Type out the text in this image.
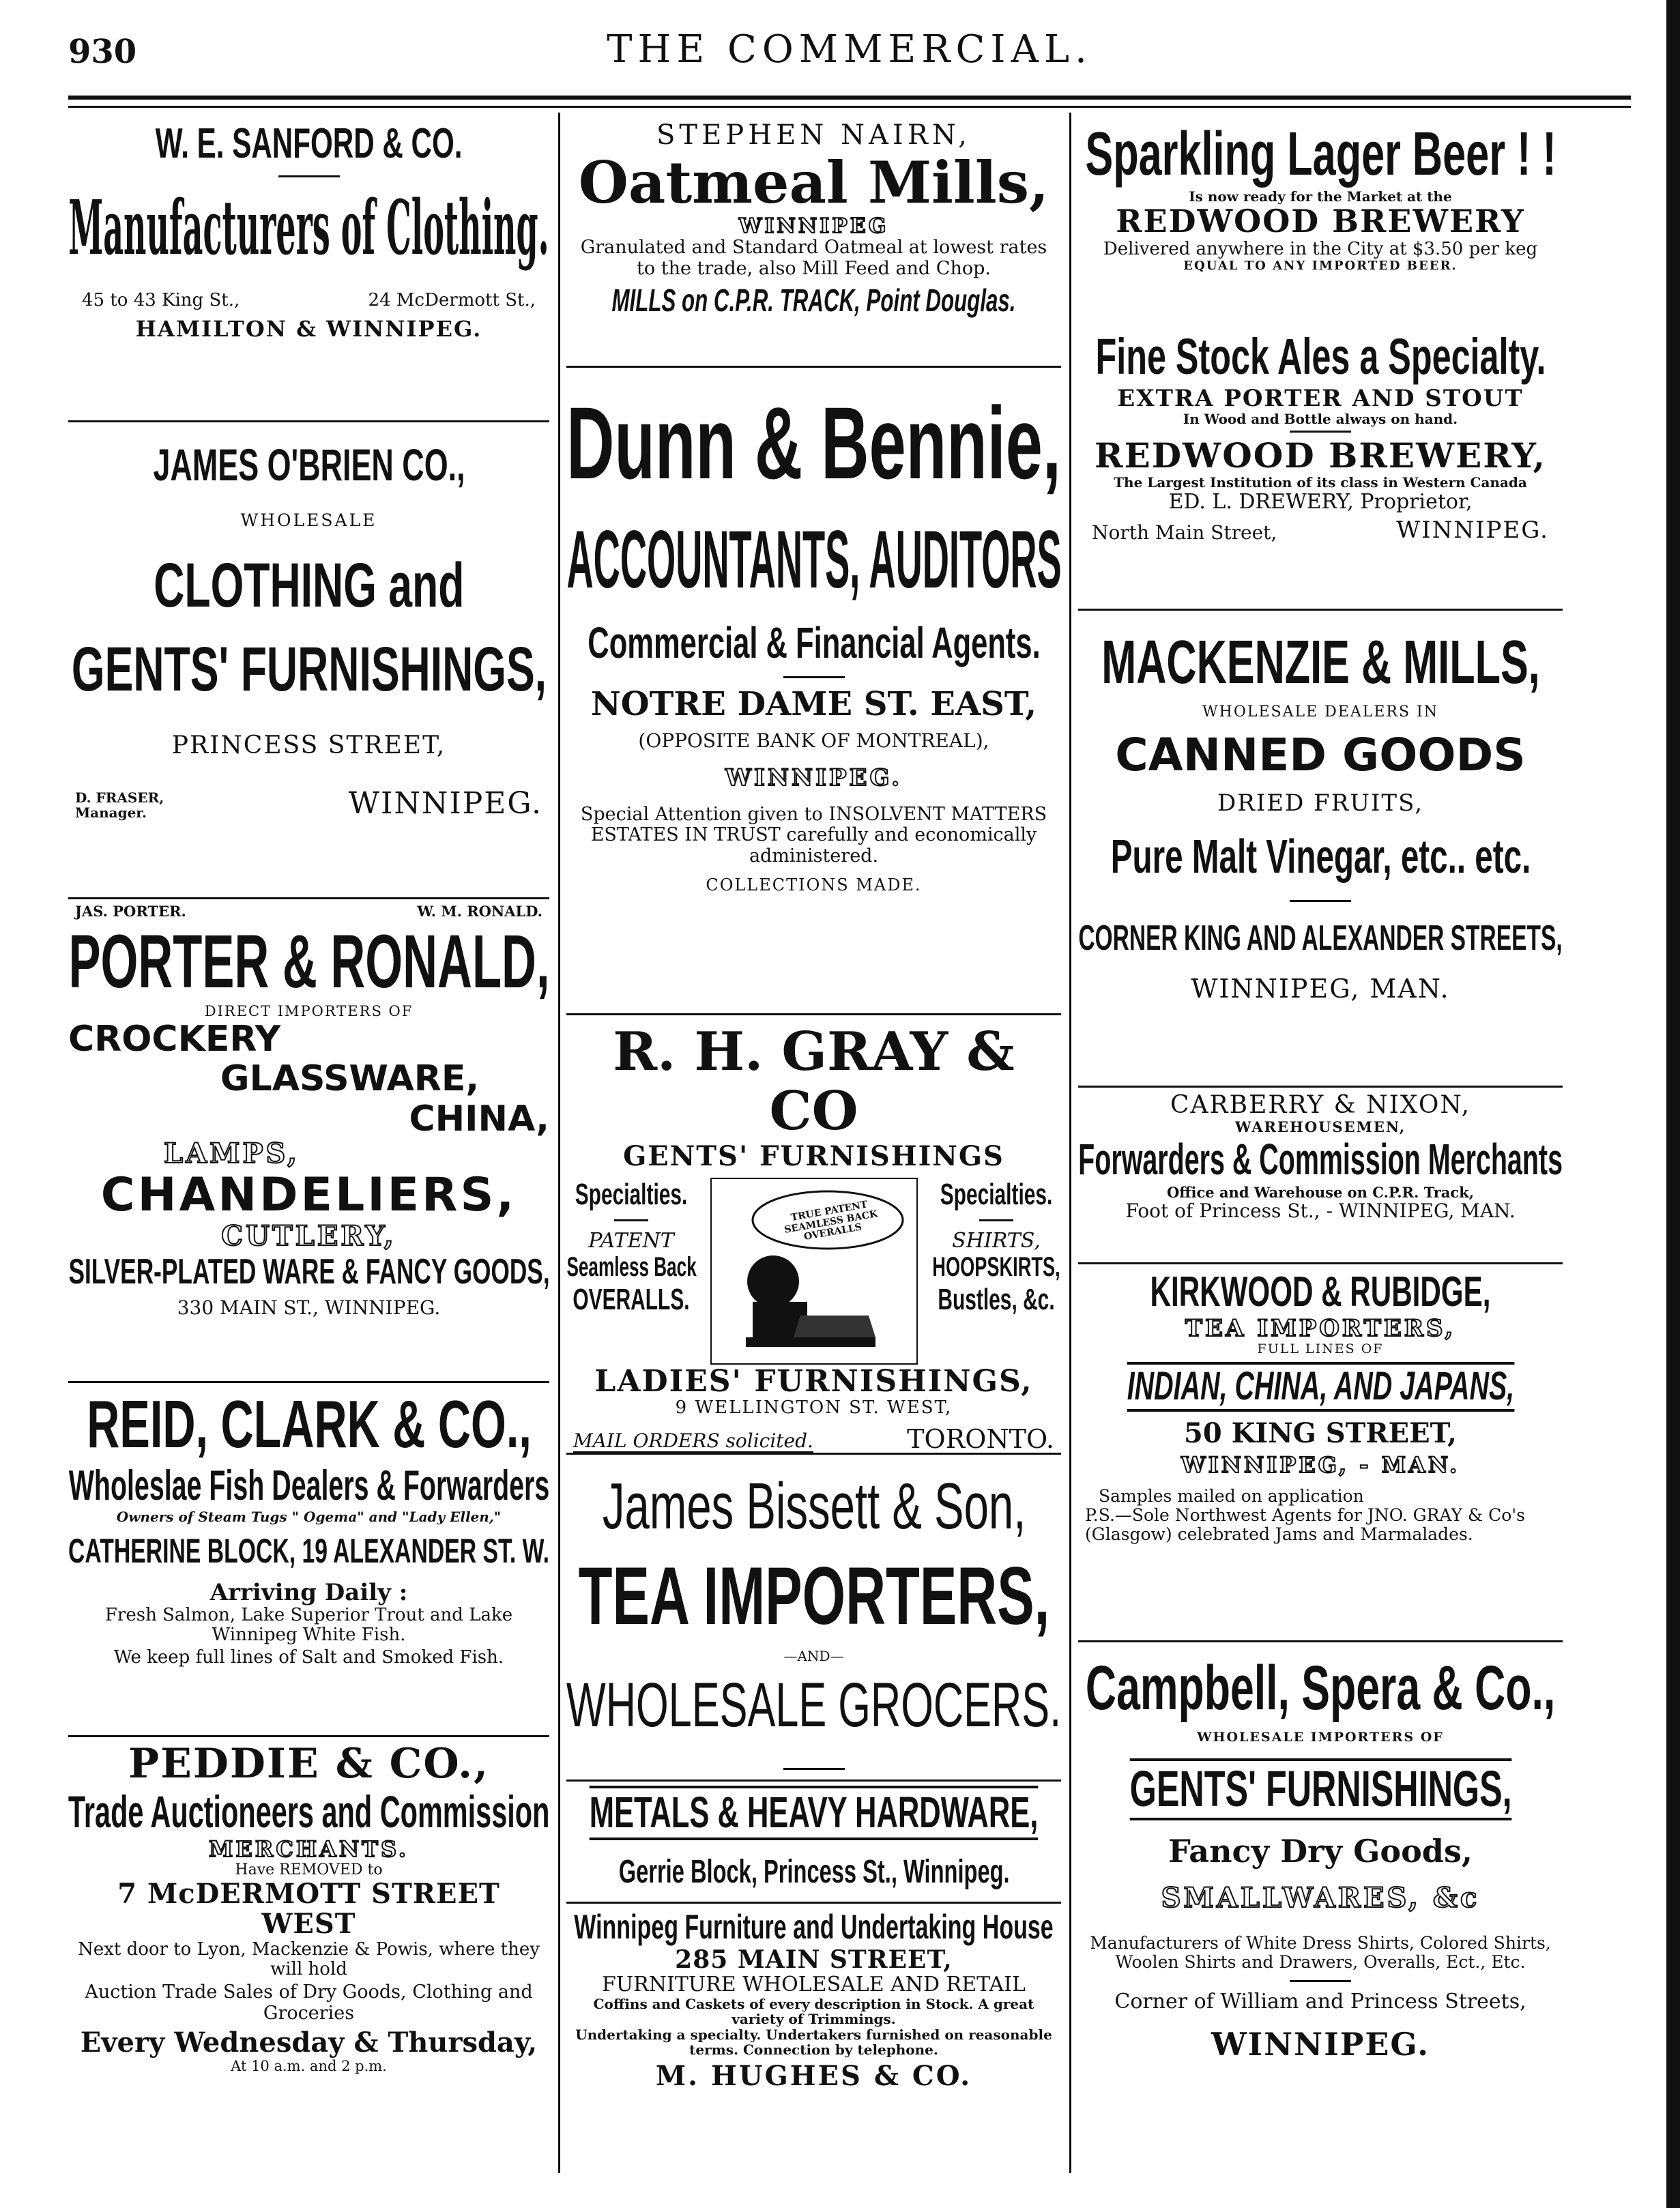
930	THE COMMERCIAL.
W. E. SANFORD & CO.
Manufacturers of Clothing.
45 to 43 King St.,	24 McDermott St.,
HAMILTON & WINNIPEG.
JAMES O'BRIEN CO.,
WHOLESALE
CLOTHING and
GENTS' FURNISHINGS,
PRINCESS STREET,
D. FRASER,
Manager.	WINNIPEG.
JAS. PORTER.	W. M. RONALD.
PORTER & RONALD,
DIRECT IMPORTERS OF
CROCKERY
GLASSWARE,
CHINA,
LAMPS,
CHANDELIERS,
CUTLERY,
SILVER-PLATED WARE & FANCY GOODS,
330 MAIN ST., WINNIPEG.
REID, CLARK & CO.,
Wholeslae Fish Dealers & Forwarders
Owners of Steam Tugs " Ogema" and "Lady Ellen,"
CATHERINE BLOCK, 19 ALEXANDER ST. W.
Arriving Daily :
Fresh Salmon, Lake Superior Trout and Lake Winnipeg White Fish.
We keep full lines of Salt and Smoked Fish.
PEDDIE & CO.,
Trade Auctioneers and Commission
MERCHANTS.
Have REMOVED to
7 McDERMOTT STREET WEST
Next door to Lyon, Mackenzie & Powis, where they will hold
Auction Trade Sales of Dry Goods, Clothing and Groceries
Every Wednesday & Thursday,
At 10 a.m. and 2 p.m.
STEPHEN NAIRN,
Oatmeal Mills,
WINNIPEG
Granulated and Standard Oatmeal at lowest rates to the trade, also Mill Feed and Chop.
MILLS on C.P.R. TRACK, Point Douglas.
Dunn & Bennie,
ACCOUNTANTS, AUDITORS
Commercial & Financial Agents.
NOTRE DAME ST. EAST,
(OPPOSITE BANK OF MONTREAL),
WINNIPEG.
Special Attention given to INSOLVENT MATTERS ESTATES IN TRUST carefully and economically administered.
COLLECTIONS MADE.
R. H. GRAY & CO
GENTS' FURNISHINGS
Specialties.
PATENT
Seamless Back
OVERALLS.
TRUE PATENT SEAMLESS BACK OVERALLS
Specialties.
SHIRTS,
HOOPSKIRTS,
Bustles, &c.
LADIES' FURNISHINGS,
9 WELLINGTON ST. WEST,
MAIL ORDERS solicited.	TORONTO.
James Bissett & Son,
TEA IMPORTERS,
—AND—
WHOLESALE GROCERS.
METALS & HEAVY HARDWARE,
Gerrie Block, Princess St., Winnipeg.
Winnipeg Furniture and Undertaking House
285 MAIN STREET,
FURNITURE WHOLESALE AND RETAIL
Coffins and Caskets of every description in Stock. A great variety of Trimmings.
Undertaking a specialty. Undertakers furnished on reasonable terms. Connection by telephone.
M. HUGHES & CO.
Sparkling Lager Beer ! !
Is now ready for the Market at the
REDWOOD BREWERY
Delivered anywhere in the City at $3.50 per keg
EQUAL TO ANY IMPORTED BEER.
Fine Stock Ales a Specialty.
EXTRA PORTER AND STOUT
In Wood and Bottle always on hand.
REDWOOD BREWERY,
The Largest Institution of its class in Western Canada
ED. L. DREWERY, Proprietor,
North Main Street,	WINNIPEG.
MACKENZIE & MILLS,
WHOLESALE DEALERS IN
CANNED GOODS
DRIED FRUITS,
Pure Malt Vinegar, etc.. etc.
CORNER KING AND ALEXANDER STREETS,
WINNIPEG, MAN.
CARBERRY & NIXON,
WAREHOUSEMEN,
Forwarders & Commission Merchants
Office and Warehouse on C.P.R. Track,
Foot of Princess St., - WINNIPEG, MAN.
KIRKWOOD & RUBIDGE,
TEA IMPORTERS,
FULL LINES OF
INDIAN, CHINA, AND JAPANS,
50 KING STREET,
WINNIPEG, - MAN.
Samples mailed on application
P.S.—Sole Northwest Agents for JNO. GRAY & Co's (Glasgow) celebrated Jams and Marmalades.
Campbell, Spera & Co.,
WHOLESALE IMPORTERS OF
GENTS' FURNISHINGS,
Fancy Dry Goods,
SMALLWARES, &c
Manufacturers of White Dress Shirts, Colored Shirts, Woolen Shirts and Drawers, Overalls, Ect., Etc.
Corner of William and Princess Streets,
WINNIPEG.
